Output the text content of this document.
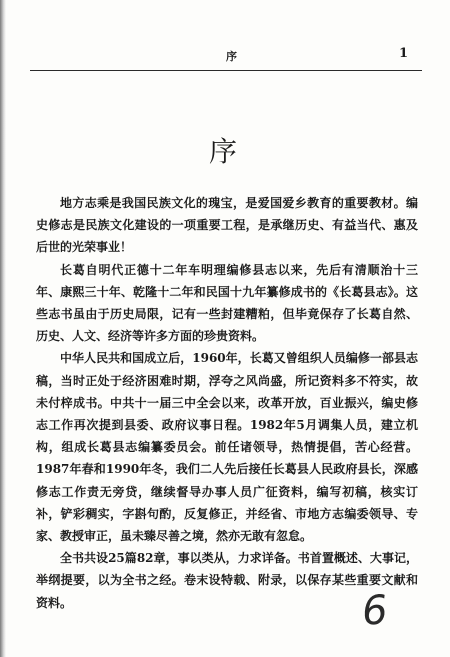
序	1
序

地方志乘是我国民族文化的瑰宝，是爱国爱乡教育的重要教材。编史修志是民族文化建设的一项重要工程，是承继历史、有益当代、惠及后世的光荣事业！

长葛自明代正德十二年车明理编修县志以来，先后有清顺治十三年、康熙三十年、乾隆十二年和民国十九年纂修成书的《长葛县志》。这些志书虽由于历史局限，记有一些封建糟粕，但毕竟保存了长葛自然、历史、人文、经济等许多方面的珍贵资料。

中华人民共和国成立后，1960年，长葛又曾组织人员编修一部县志稿，当时正处于经济困难时期，浮夸之风尚盛，所记资料多不符实，故未付梓成书。中共十一届三中全会以来，改革开放，百业振兴，编史修志工作再次提到县委、政府议事日程。1982年5月调集人员，建立机构，组成长葛县志编纂委员会。前任诸领导，热情提倡，苦心经营。1987年春和1990年冬，我们二人先后接任长葛县人民政府县长，深感修志工作责无旁贷，继续督导办事人员广征资料，编写初稿，核实订补，铲彩稠实，字斟句酌，反复修正，并经省、市地方志编委领导、专家、教授审正，虽未臻尽善之境，然亦无敢有忽怠。

全书共设25篇82章，事以类从，力求详备。书首置概述、大事记，举纲提要，以为全书之经。卷末设特载、附录，以保存某些重要文献和资料。	6
